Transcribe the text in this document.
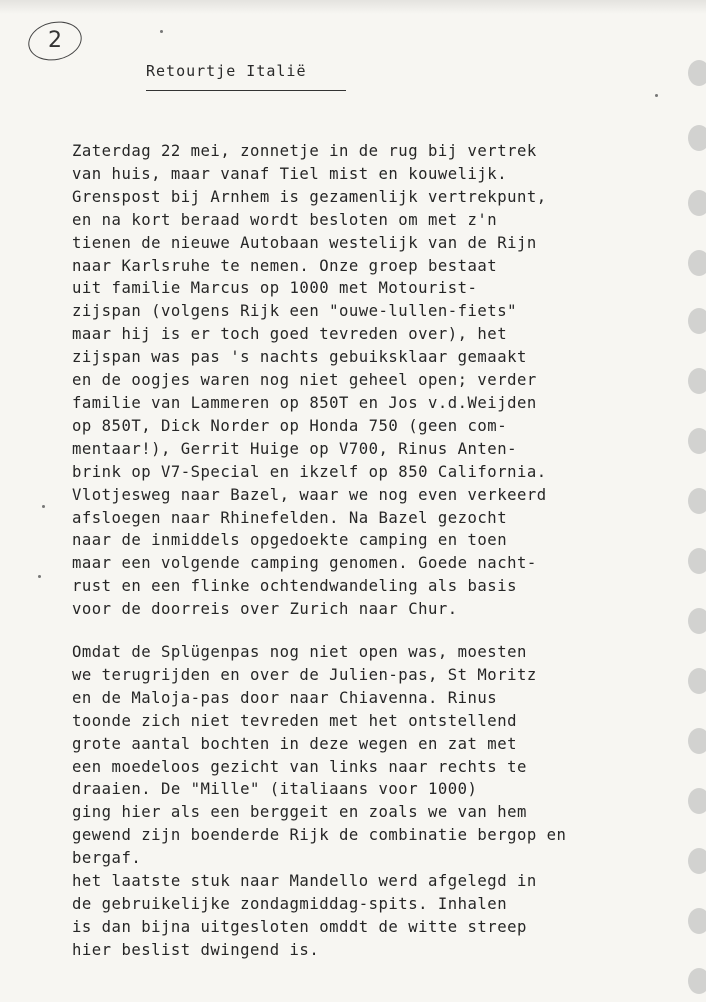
2
Retourtje Italië

Zaterdag 22 mei, zonnetje in de rug bij vertrek
van huis, maar vanaf Tiel mist en kouwelijk.
Grenspost bij Arnhem is gezamenlijk vertrekpunt,
en na kort beraad wordt besloten om met z'n
tienen de nieuwe Autobaan westelijk van de Rijn
naar Karlsruhe te nemen. Onze groep bestaat
uit familie Marcus op 1000 met Motourist-
zijspan (volgens Rijk een "ouwe-lullen-fiets"
maar hij is er toch goed tevreden over), het
zijspan was pas 's nachts gebuiksklaar gemaakt
en de oogjes waren nog niet geheel open; verder
familie van Lammeren op 850T en Jos v.d.Weijden
op 850T, Dick Norder op Honda 750 (geen com-
mentaar!), Gerrit Huige op V700, Rinus Anten-
brink op V7-Special en ikzelf op 850 California.
Vlotjesweg naar Bazel, waar we nog even verkeerd
afsloegen naar Rhinefelden. Na Bazel gezocht
naar de inmiddels opgedoekte camping en toen
maar een volgende camping genomen. Goede nacht-
rust en een flinke ochtendwandeling als basis
voor de doorreis over Zurich naar Chur.

Omdat de Splügenpas nog niet open was, moesten
we terugrijden en over de Julien-pas, St Moritz
en de Maloja-pas door naar Chiavenna. Rinus
toonde zich niet tevreden met het ontstellend
grote aantal bochten in deze wegen en zat met
een moedeloos gezicht van links naar rechts te
draaien. De "Mille" (italiaans voor 1000)
ging hier als een berggeit en zoals we van hem
gewend zijn boenderde Rijk de combinatie bergop en
bergaf.

het laatste stuk naar Mandello werd afgelegd in
de gebruikelijke zondagmiddag-spits. Inhalen
is dan bijna uitgesloten omddt de witte streep
hier beslist dwingend is.
